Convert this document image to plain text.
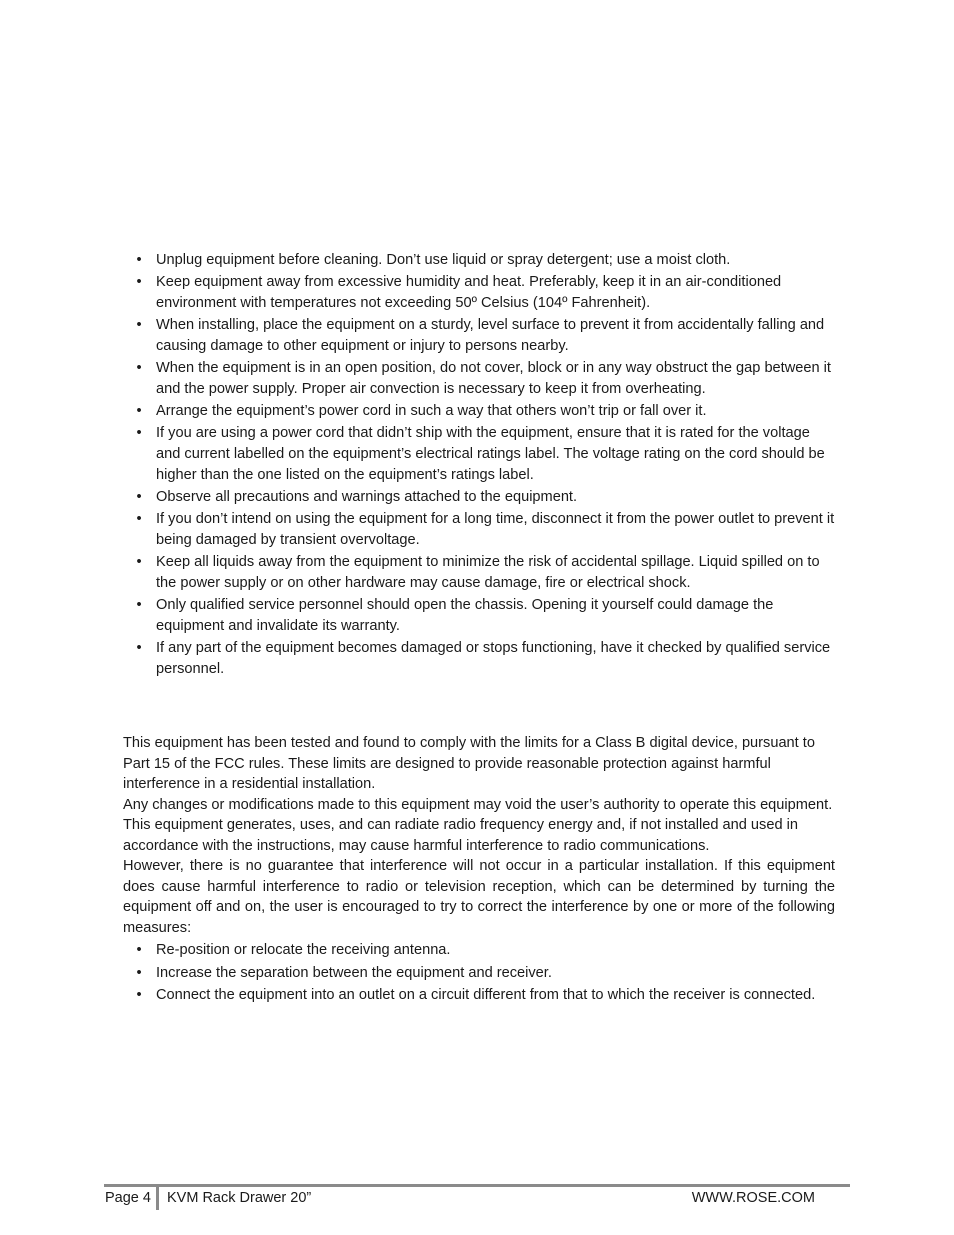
• Unplug equipment before cleaning. Don’t use liquid or spray detergent; use a moist cloth.
• Keep equipment away from excessive humidity and heat. Preferably, keep it in an air-conditioned environment with temperatures not exceeding 50º Celsius (104º Fahrenheit).
• When installing, place the equipment on a sturdy, level surface to prevent it from accidentally falling and causing damage to other equipment or injury to persons nearby.
• When the equipment is in an open position, do not cover, block or in any way obstruct the gap between it and the power supply. Proper air convection is necessary to keep it from overheating.
• Arrange the equipment’s power cord in such a way that others won’t trip or fall over it.
• If you are using a power cord that didn’t ship with the equipment, ensure that it is rated for the voltage and current labelled on the equipment’s electrical ratings label. The voltage rating on the cord should be higher than the one listed on the equipment’s ratings label.
• Observe all precautions and warnings attached to the equipment.
• If you don’t intend on using the equipment for a long time, disconnect it from the power outlet to prevent it being damaged by transient overvoltage.
• Keep all liquids away from the equipment to minimize the risk of accidental spillage. Liquid spilled on to the power supply or on other hardware may cause damage, fire or electrical shock.
• Only qualified service personnel should open the chassis. Opening it yourself could damage the equipment and invalidate its warranty.
• If any part of the equipment becomes damaged or stops functioning, have it checked by qualified service personnel.

This equipment has been tested and found to comply with the limits for a Class B digital device, pursuant to Part 15 of the FCC rules. These limits are designed to provide reasonable protection against harmful interference in a residential installation.

Any changes or modifications made to this equipment may void the user’s authority to operate this equipment. This equipment generates, uses, and can radiate radio frequency energy and, if not installed and used in accordance with the instructions, may cause harmful interference to radio communications.

However, there is no guarantee that interference will not occur in a particular installation. If this equipment does cause harmful interference to radio or television reception, which can be determined by turning the equipment off and on, the user is encouraged to try to correct the interference by one or more of the following measures:

• Re-position or relocate the receiving antenna.
• Increase the separation between the equipment and receiver.
• Connect the equipment into an outlet on a circuit different from that to which the receiver is connected.
Page 4 KVM Rack Drawer 20”	WWW.ROSE.COM
